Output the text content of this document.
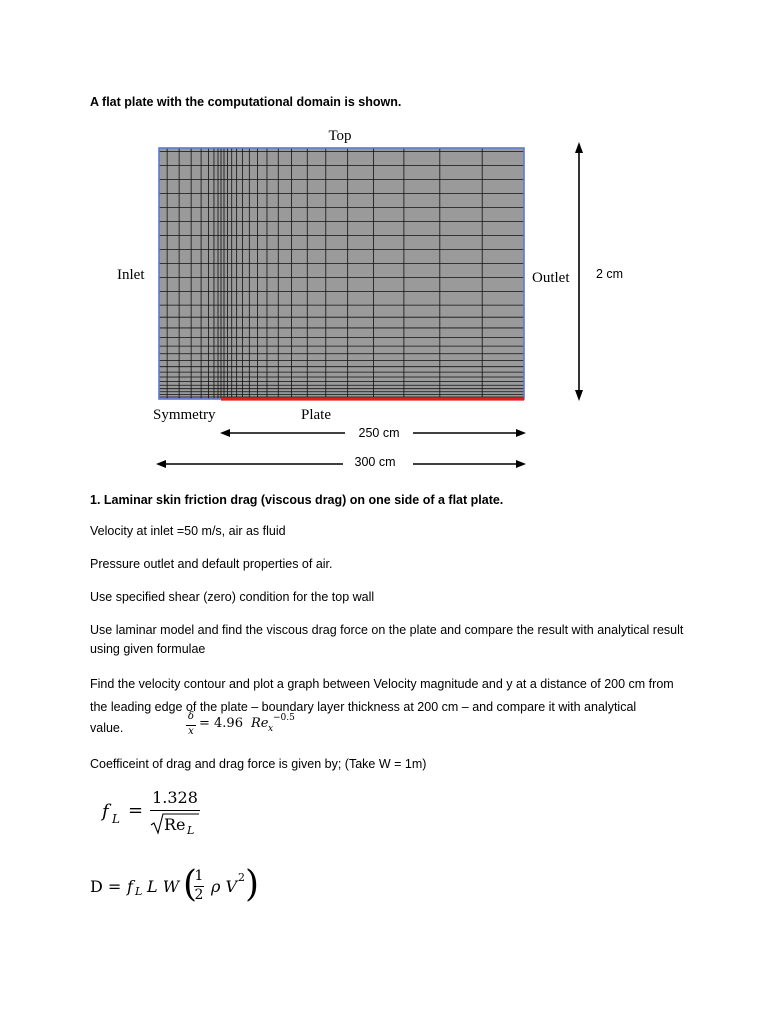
A flat plate with the computational domain is shown.
Top
Inlet	Outlet
Symmetry	Plate
2 cm
250 cm
300 cm
1. Laminar skin friction drag (viscous drag) on one side of a flat plate.
Velocity at inlet =50 m/s, air as fluid
Pressure outlet and default properties of air.
Use specified shear (zero) condition for the top wall
Use laminar model and find the viscous drag force on the plate and compare the result with analytical result using given formulae
Find the velocity contour and plot a graph between Velocity magnitude and y at a distance of 200 cm from the leading edge of the plate – boundary layer thickness at 200 cm – and compare it with analytical
value.
δ
x
= 4.96 Re x
−0.5
Coefficeint of drag and drag force is given by; (Take W = 1m)
f L =
1.328
Re L
D = f L L W (
1
2 ρ V 2 )
